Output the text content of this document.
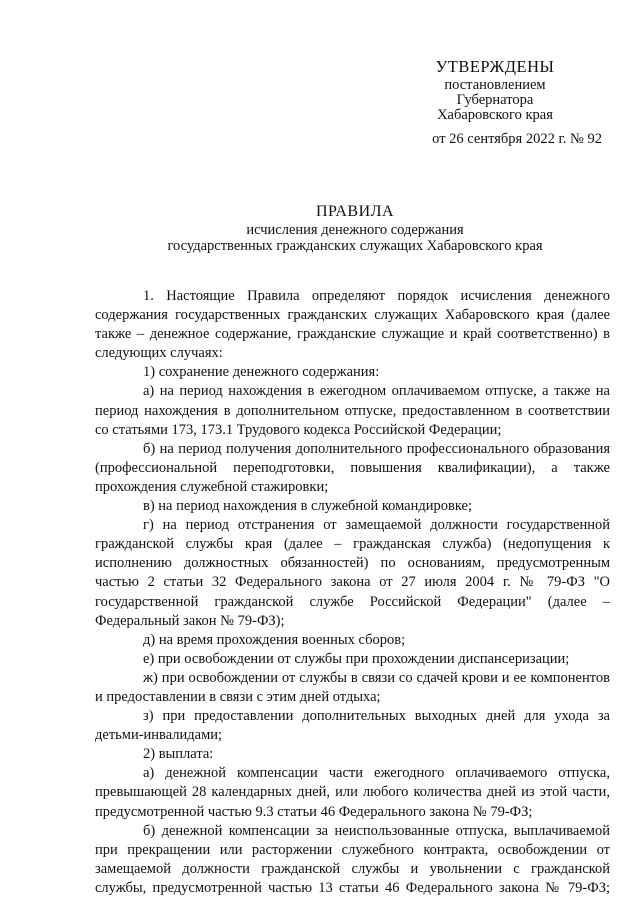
УТВЕРЖДЕНЫ
постановлением
Губернатора
Хабаровского края
от 26 сентября 2022 г. № 92
ПРАВИЛА
исчисления денежного содержания
государственных гражданских служащих Хабаровского края

1. Настоящие Правила определяют порядок исчисления денежного содержания государственных гражданских служащих Хабаровского края (далее также – денежное содержание, гражданские служащие и край соответственно) в следующих случаях:

1) сохранение денежного содержания:

а) на период нахождения в ежегодном оплачиваемом отпуске, а также на период нахождения в дополнительном отпуске, предоставленном в соответствии со статьями 173, 173.1 Трудового кодекса Российской Федерации;

б) на период получения дополнительного профессионального образования (профессиональной переподготовки, повышения квалификации), а также прохождения служебной стажировки;

в) на период нахождения в служебной командировке;

г) на период отстранения от замещаемой должности государственной гражданской службы края (далее – гражданская служба) (недопущения к исполнению должностных обязанностей) по основаниям, предусмотренным частью 2 статьи 32 Федерального закона от 27 июля 2004 г. № 79-ФЗ "О государственной гражданской службе Российской Федерации" (далее – Федеральный закон № 79-ФЗ);

д) на время прохождения военных сборов;

е) при освобождении от службы при прохождении диспансеризации;

ж) при освобождении от службы в связи со сдачей крови и ее компонентов и предоставлении в связи с этим дней отдыха;

з) при предоставлении дополнительных выходных дней для ухода за детьми-инвалидами;

2) выплата:

а) денежной компенсации части ежегодного оплачиваемого отпуска, превышающей 28 календарных дней, или любого количества дней из этой части, предусмотренной частью 9.3 статьи 46 Федерального закона № 79-ФЗ;

б) денежной компенсации за неиспользованные отпуска, выплачиваемой при прекращении или расторжении служебного контракта, освобождении от замещаемой должности гражданской службы и увольнении с гражданской службы, предусмотренной частью 13 статьи 46 Федерального закона № 79-ФЗ;
